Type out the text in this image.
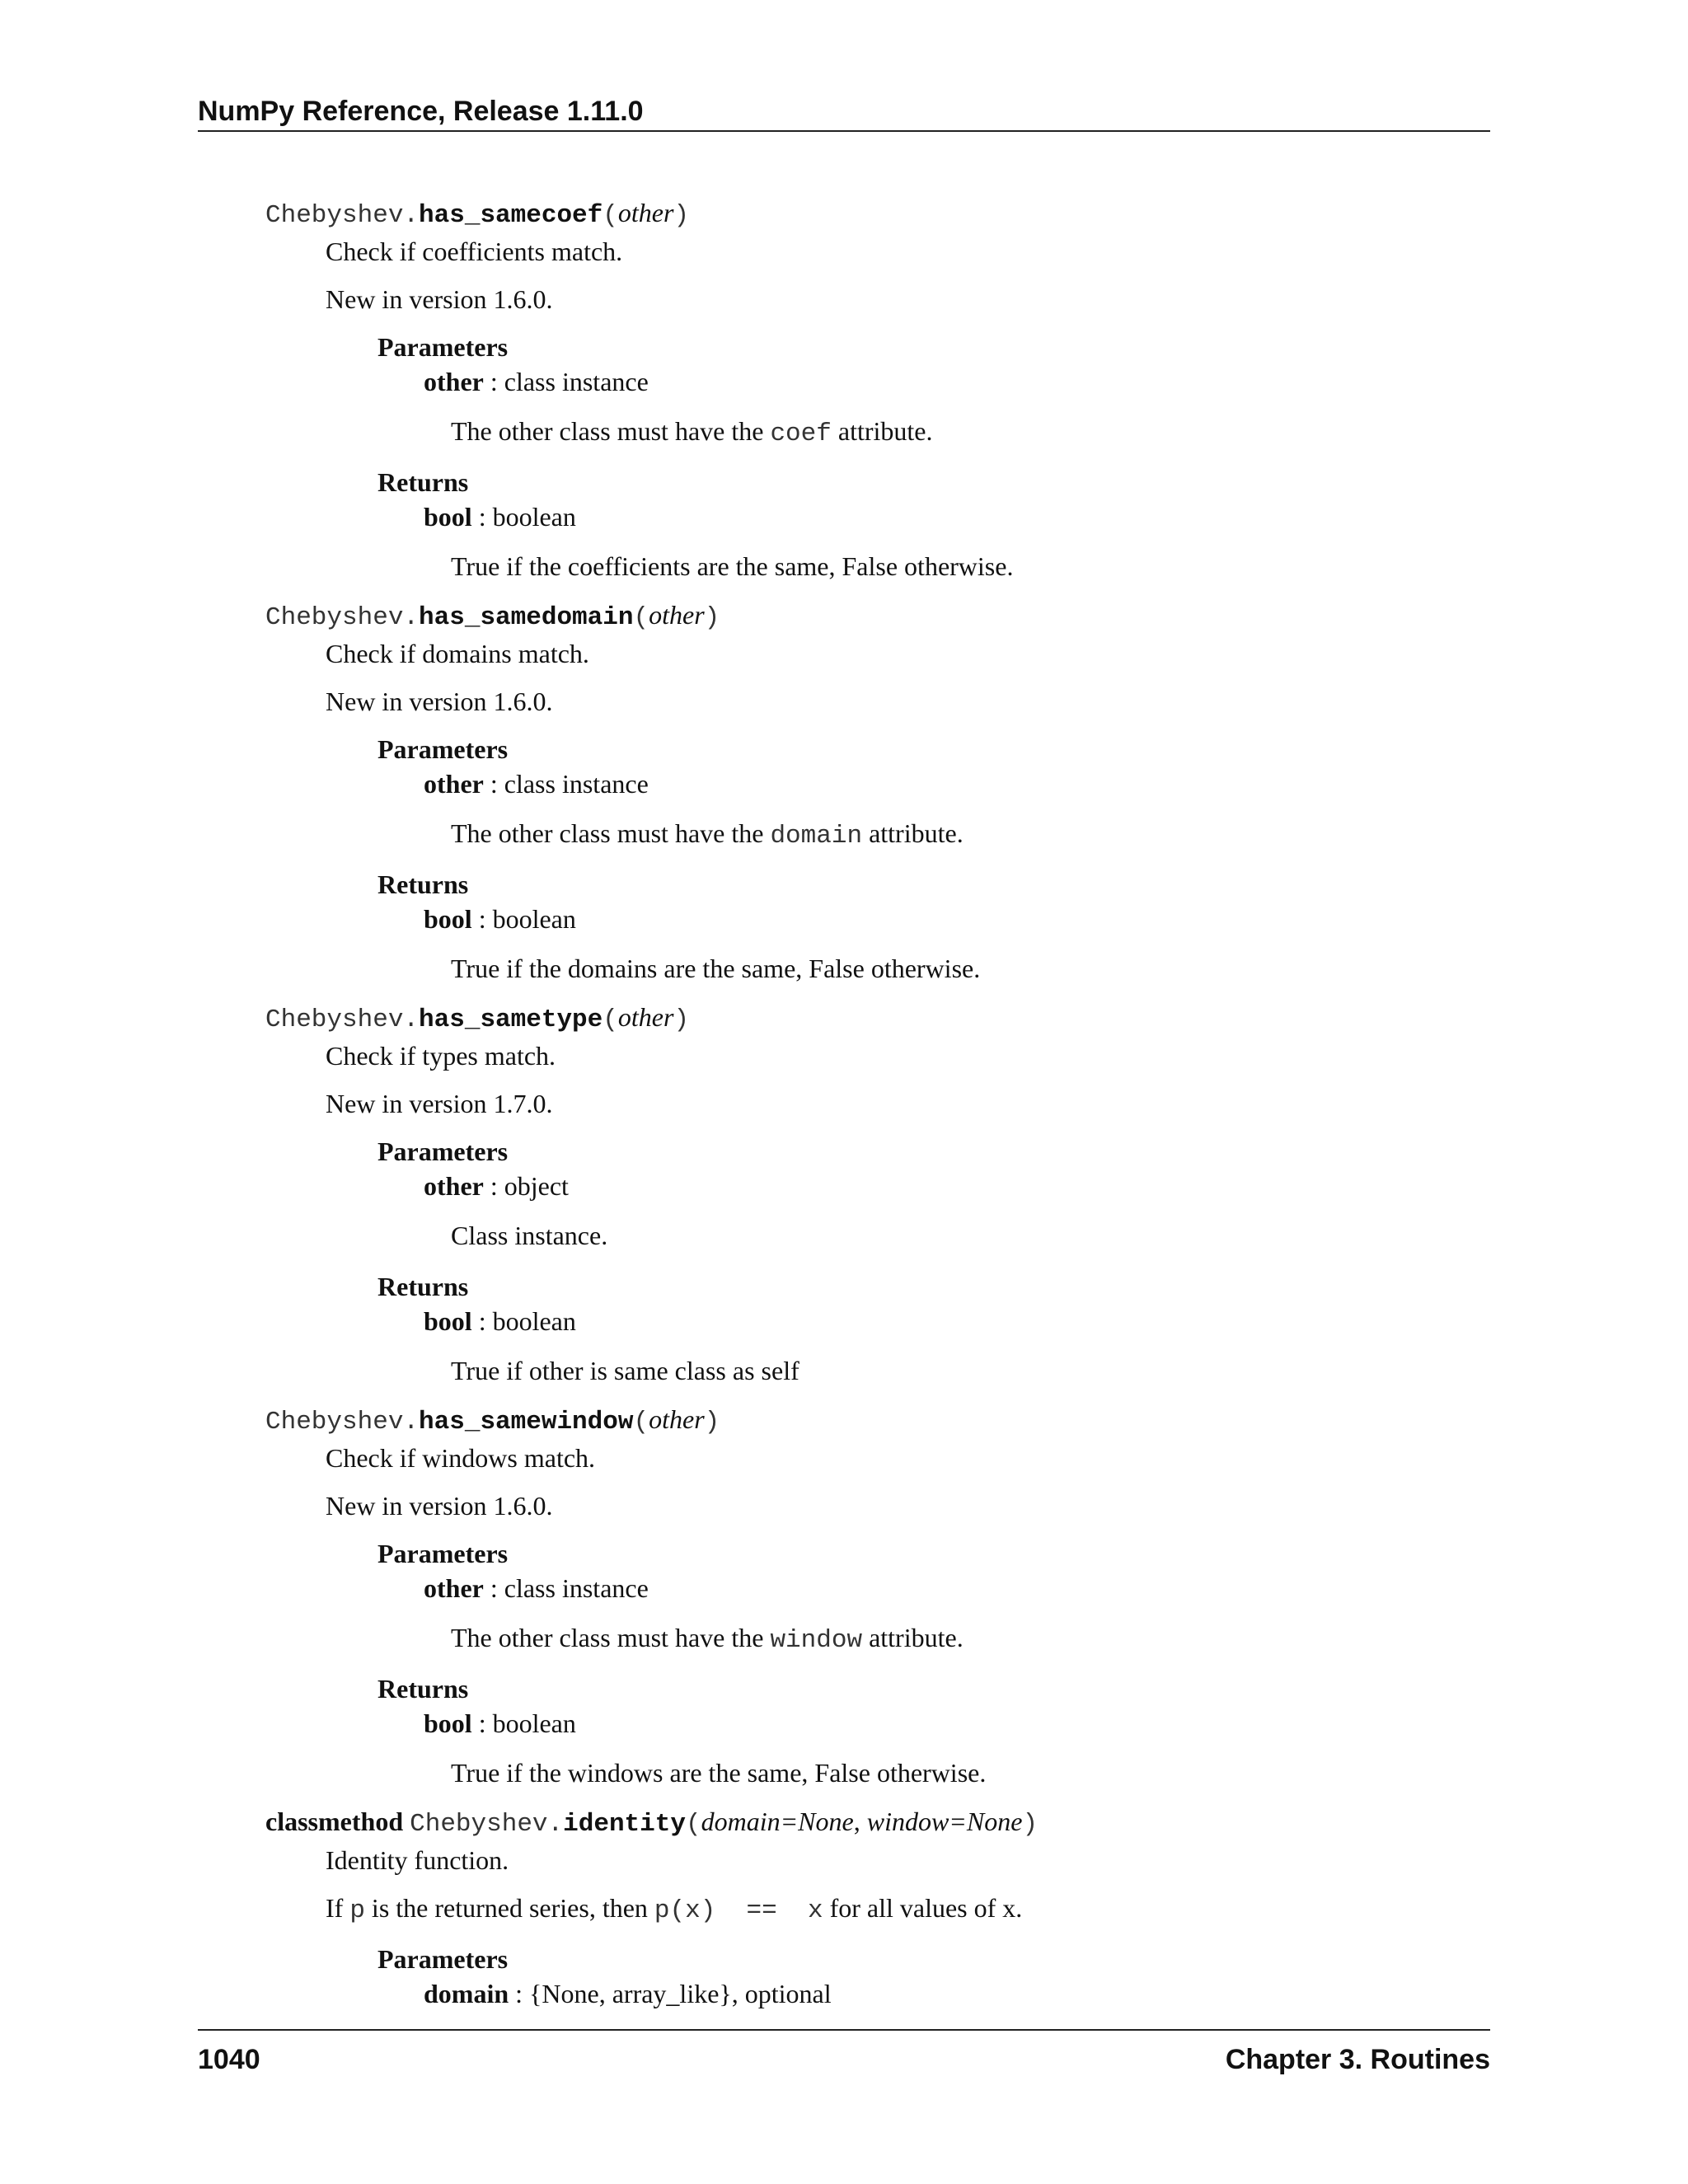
NumPy Reference, Release 1.11.0
Chebyshev.has_samecoef(other)
Check if coefficients match.
New in version 1.6.0.
Parameters
other : class instance
The other class must have the coef attribute.
Returns
bool : boolean
True if the coefficients are the same, False otherwise.
Chebyshev.has_samedomain(other)
Check if domains match.
New in version 1.6.0.
Parameters
other : class instance
The other class must have the domain attribute.
Returns
bool : boolean
True if the domains are the same, False otherwise.
Chebyshev.has_sametype(other)
Check if types match.
New in version 1.7.0.
Parameters
other : object
Class instance.
Returns
bool : boolean
True if other is same class as self
Chebyshev.has_samewindow(other)
Check if windows match.
New in version 1.6.0.
Parameters
other : class instance
The other class must have the window attribute.
Returns
bool : boolean
True if the windows are the same, False otherwise.
classmethod Chebyshev.identity(domain=None, window=None)
Identity function.
If p is the returned series, then p(x)  ==  x for all values of x.
Parameters
domain : {None, array_like}, optional
1040	Chapter 3. Routines
